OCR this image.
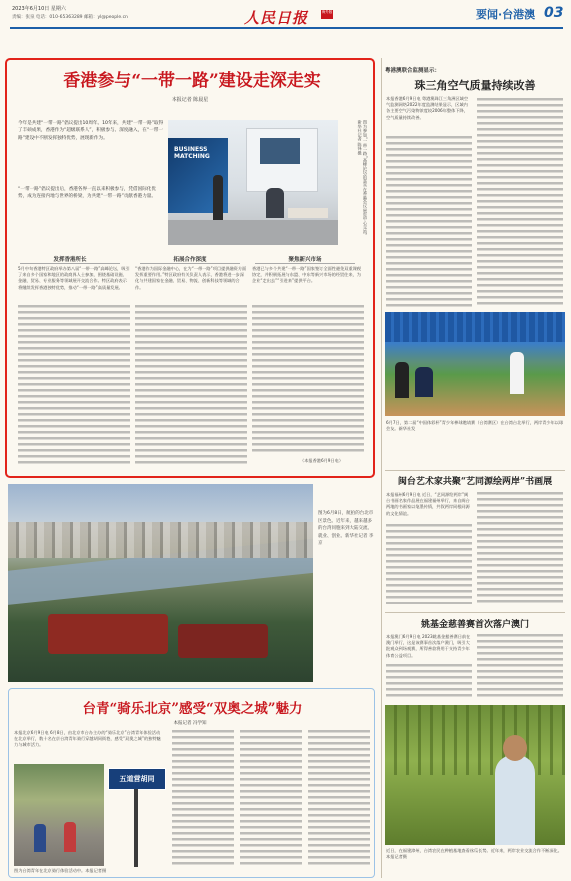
2023年6月10日 星期六
责编：张泉 电话：010-65363289 邮箱：yl@people.cn	人民日报	海外版	要闻·台港澳 03
香港参与“一带一路”建设走深走实
本报记者 陈晨星
今年是共建“一带一路”倡议提出10周年。10年来，共建“一带一路”取得了丰硕成果，香港作为“超级联系人”，积极参与、深度融入，在“一带一路”建设中不断发挥独特优势，展现新作为。
“一带一路”倡议提出后，香港各界一直以来积极参与，凭借国际化优势，成为连接内地与世界的桥梁，为共建“一带一路”贡献香港力量。
BUSINESS MATCHING	图为参加“一带一路”高峰论坛的嘉宾在香港会议展览中心交流。新华社记者 陈铎摄
发挥香港所长	拓展合作深度	聚焦新兴市场
5月中旬香港特区政府举办第八届“一带一路”高峰论坛，吸引了来自多个国家和地区的政商界人士参加，围绕基础设施、金融、贸易、专业服务等领域展开交流合作。特区政府表示将继续发挥香港独特优势，推动“一带一路”高质量发展。
“香港作为国际金融中心，在为“一带一路”项目提供融资方面发挥重要作用。”特区政府有关负责人表示，香港将进一步深化与共建国家在金融、贸易、物流、创新科技等领域的合作。
香港已与多个共建“一带一路”国家签订全面性避免双重课税协定，并积极拓展与东盟、中东等新兴市场的经贸往来，为企业“走出去”“引进来”提供平台。
（本报香港6月9日电）
粤港澳联合监测显示：
珠三角空气质量持续改善
本报香港6月9日电 粤港澳珠江三角洲区域空气监测网络2022年度监测结果显示，区域内各主要空气污染物浓度较2006年整体下降，空气质量持续改善。
6月7日，第二届“中国体彩杯”青少年棒球邀请赛（台湾赛区）在台湾台北举行，两岸青少年以球会友。新华社发
闽台艺术家共聚“艺同源绘两岸”书画展
本报福州6月9日电 近日，“艺同源绘两岸”闽台书画名家作品展在福建福州举行，来自闽台两地的书画家以笔墨传情，共叙两岸同根同源的文化情谊。
姚基金慈善赛首次落户澳门
本报澳门6月9日电 2023姚基金慈善赛日前在澳门举行，这是该赛事首次落户澳门，吸引大批观众到场观赛，所得善款将用于支持青少年体育公益项目。
近日，在福建漳州，台湾农民在种植基地查看丝瓜长势。近年来，两岸农业交流合作不断深化。本报记者摄
图为6月8日，航拍的台北市区景色。近年来，越来越多的台湾同胞来到大陆交流、就业、创业。新华社记者 李京
台青“骑乐北京”感受“双奥之城”魅力
本报记者 冯学知
本报北京6月9日电 6月8日，由北京市台办主办的“骑乐北京”台湾青年体验活动在北京举行，数十名在京台湾青年骑行穿越胡同街巷，感受“双奥之城”的独特魅力与城市活力。
五道营胡同
图为台湾青年在北京骑行体验活动中。本报记者摄
